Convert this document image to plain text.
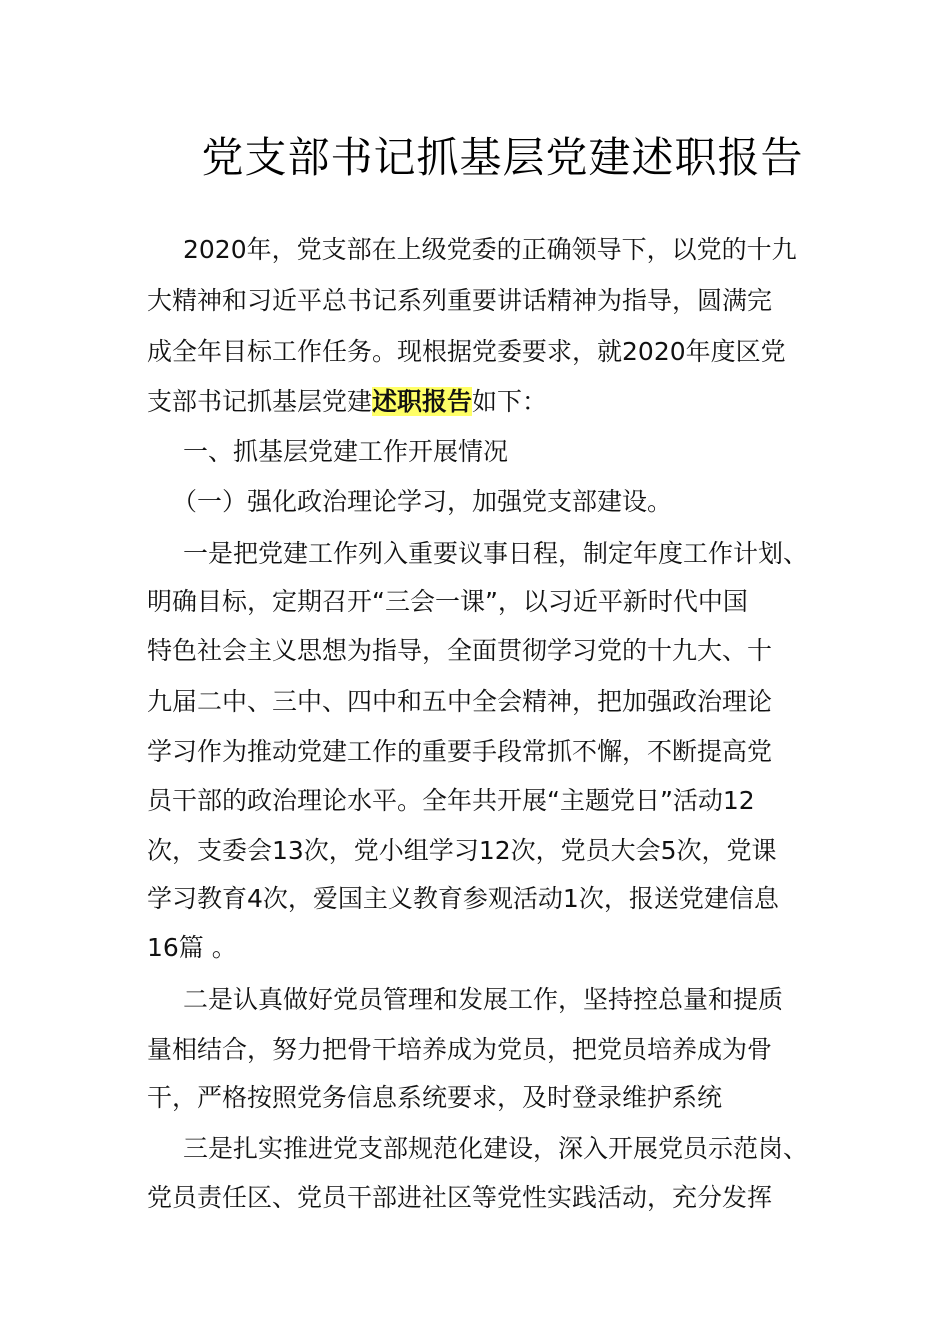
党支部书记抓基层党建述职报告
2020年，党支部在上级党委的正确领导下，以党的十九
大精神和习近平总书记系列重要讲话精神为指导，圆满完
成全年目标工作任务。现根据党委要求，就2020年度区党
支部书记抓基层党建述职报告如下：
一、抓基层党建工作开展情况
（一）强化政治理论学习，加强党支部建设。
一是把党建工作列入重要议事日程，制定年度工作计划、
明确目标，定期召开“三会一课”，以习近平新时代中国
特色社会主义思想为指导，全面贯彻学习党的十九大、十
九届二中、三中、四中和五中全会精神，把加强政治理论
学习作为推动党建工作的重要手段常抓不懈，不断提高党
员干部的政治理论水平。全年共开展“主题党日”活动12
次，支委会13次，党小组学习12次，党员大会5次，党课
学习教育4次，爱国主义教育参观活动1次，报送党建信息
16篇 。
二是认真做好党员管理和发展工作，坚持控总量和提质
量相结合，努力把骨干培养成为党员，把党员培养成为骨
干，严格按照党务信息系统要求，及时登录维护系统
三是扎实推进党支部规范化建设，深入开展党员示范岗、
党员责任区、党员干部进社区等党性实践活动，充分发挥
